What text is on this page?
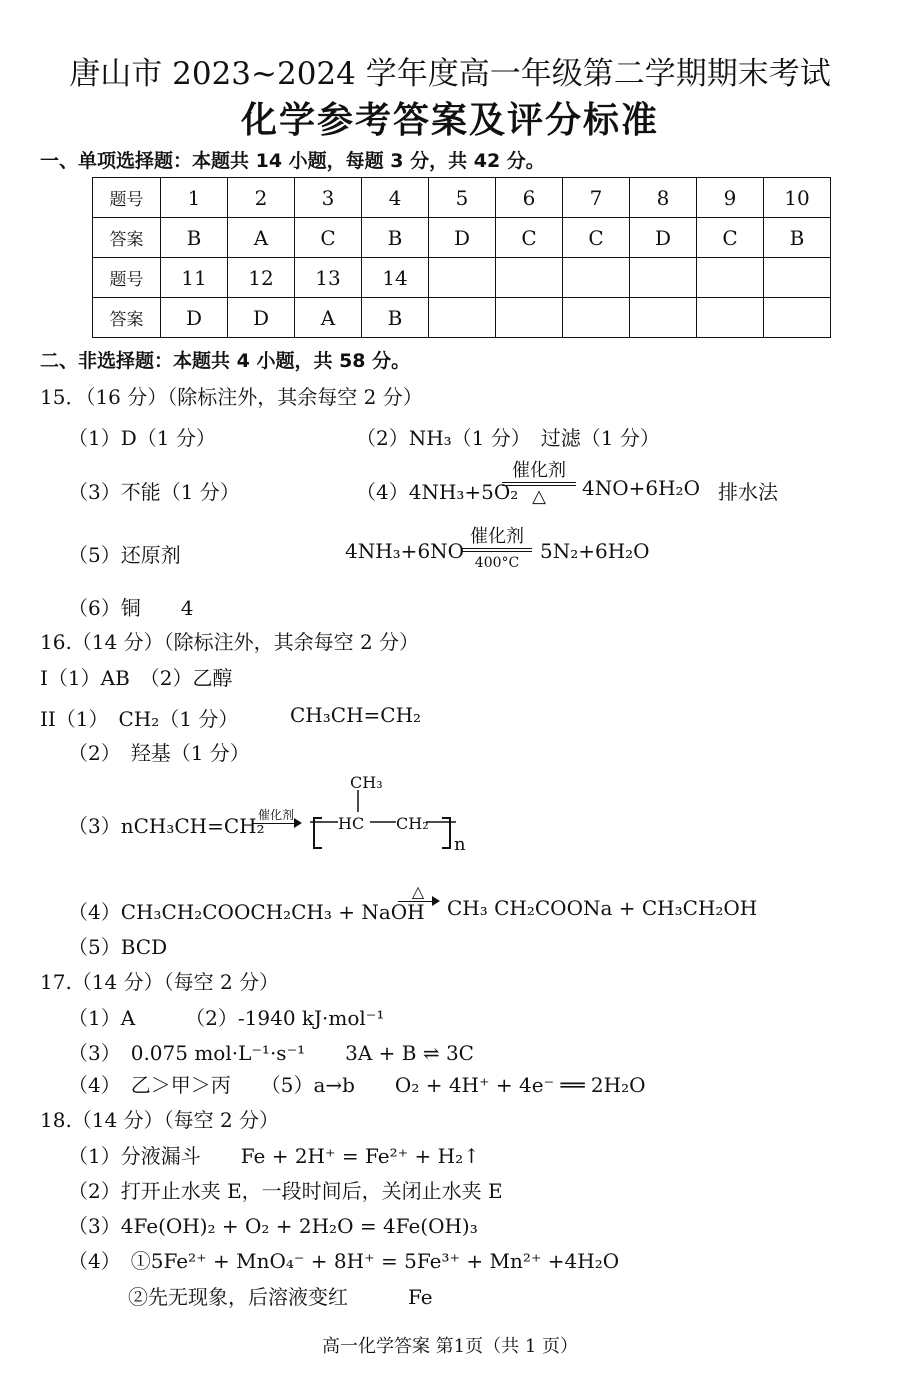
唐山市 2023~2024 学年度高一年级第二学期期末考试
化学参考答案及评分标准
一、单项选择题：本题共 14 小题，每题 3 分，共 42 分。
题号	1	2	3	4	5	6	7	8	9	10
答案	B	A	C	B	D	C	C	D	C	B
题号	11	12	13	14						
答案	D	D	A	B						
二、非选择题：本题共 4 小题，共 58 分。
15．（16 分）（除标注外，其余每空 2 分）
（1）D（1 分）	（2）NH₃（1 分）　过滤（1 分）
（3）不能（1 分）	（4）4NH₃+5O₂
催化剂
△	4NO+6H₂O 排水法
（5）还原剂	4NH₃+6NO
催化剂
400°C	5N₂+6H₂O
（6）铜　　4
16.（14 分）（除标注外，其余每空 2 分）
I（1）AB　（2）乙醇
II（1）　CH₂（1 分）	CH₃CH=CH₂
（2）　羟基（1 分）
（3）nCH₃CH=CH₂
催化剂
CH₃
HC CH₂
n
（4）CH₃CH₂COOCH₂CH₃ + NaOH
△
CH₃ CH₂COONa + CH₃CH₂OH
（5）BCD
17.（14 分）（每空 2 分）
（1）A　　　（2）-1940 kJ·mol⁻¹
（3）　0.075 mol·L⁻¹·s⁻¹　　3A + B ⇌ 3C
（4）　乙＞甲＞丙　　（5）a→b　　O₂ + 4H⁺ + 4e⁻ ══ 2H₂O
18.（14 分）（每空 2 分）
（1）分液漏斗　　Fe + 2H⁺ = Fe²⁺ + H₂↑
（2）打开止水夹 E，一段时间后，关闭止水夹 E
（3）4Fe(OH)₂ + O₂ + 2H₂O = 4Fe(OH)₃
（4）　①5Fe²⁺ + MnO₄⁻ + 8H⁺ = 5Fe³⁺ + Mn²⁺ +4H₂O
②先无现象，后溶液变红　　　Fe
高一化学答案 第1页（共 1 页）
